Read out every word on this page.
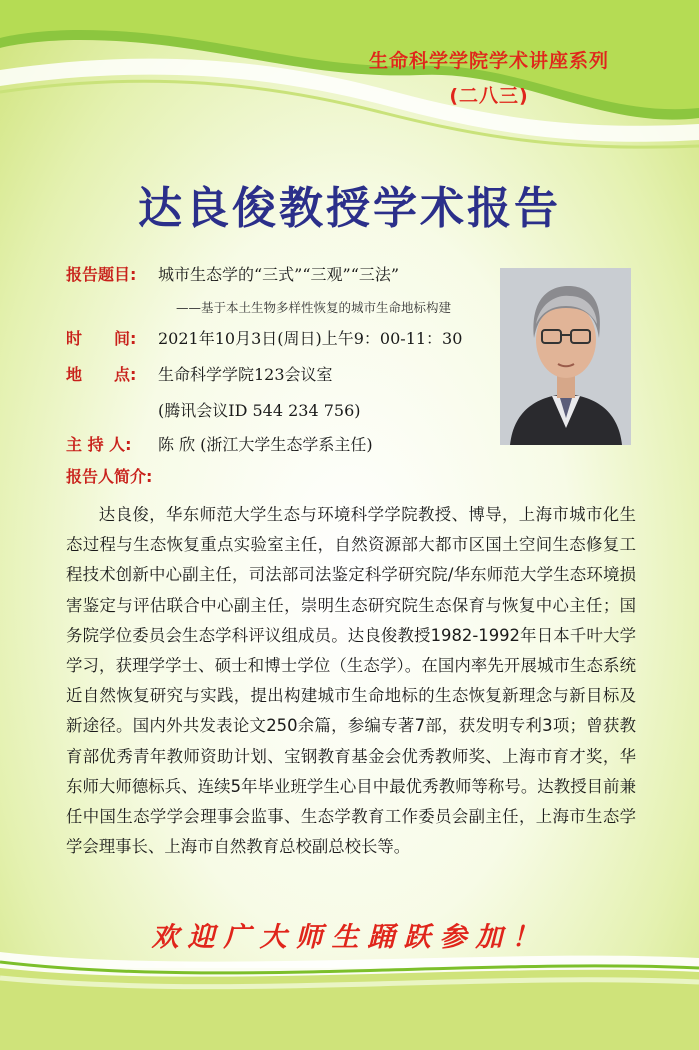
生命科学学院学术讲座系列
(二八三)
达良俊教授学术报告
报告题目: 城市生态学的“三式”“三观”“三法”
——基于本土生物多样性恢复的城市生命地标构建
时　　间: 2021年10月3日(周日)上午9：00-11：30
地　　点: 生命科学学院123会议室
(腾讯会议ID 544 234 756)
主 持 人: 陈 欣 (浙江大学生态学系主任)
报告人简介:

达良俊，华东师范大学生态与环境科学学院教授、博导，上海市城市化生态过程与生态恢复重点实验室主任，自然资源部大都市区国土空间生态修复工程技术创新中心副主任，司法部司法鉴定科学研究院/华东师范大学生态环境损害鉴定与评估联合中心副主任，崇明生态研究院生态保育与恢复中心主任；国务院学位委员会生态学科评议组成员。达良俊教授1982-1992年日本千叶大学学习，获理学学士、硕士和博士学位（生态学）。在国内率先开展城市生态系统近自然恢复研究与实践，提出构建城市生命地标的生态恢复新理念与新目标及新途径。国内外共发表论文250余篇，参编专著7部，获发明专利3项；曾获教育部优秀青年教师资助计划、宝钢教育基金会优秀教师奖、上海市育才奖，华东师大师德标兵、连续5年毕业班学生心目中最优秀教师等称号。达教授目前兼任中国生态学学会理事会监事、生态学教育工作委员会副主任，上海市生态学学会理事长、上海市自然教育总校副总校长等。

欢迎广大师生踊跃参加！
